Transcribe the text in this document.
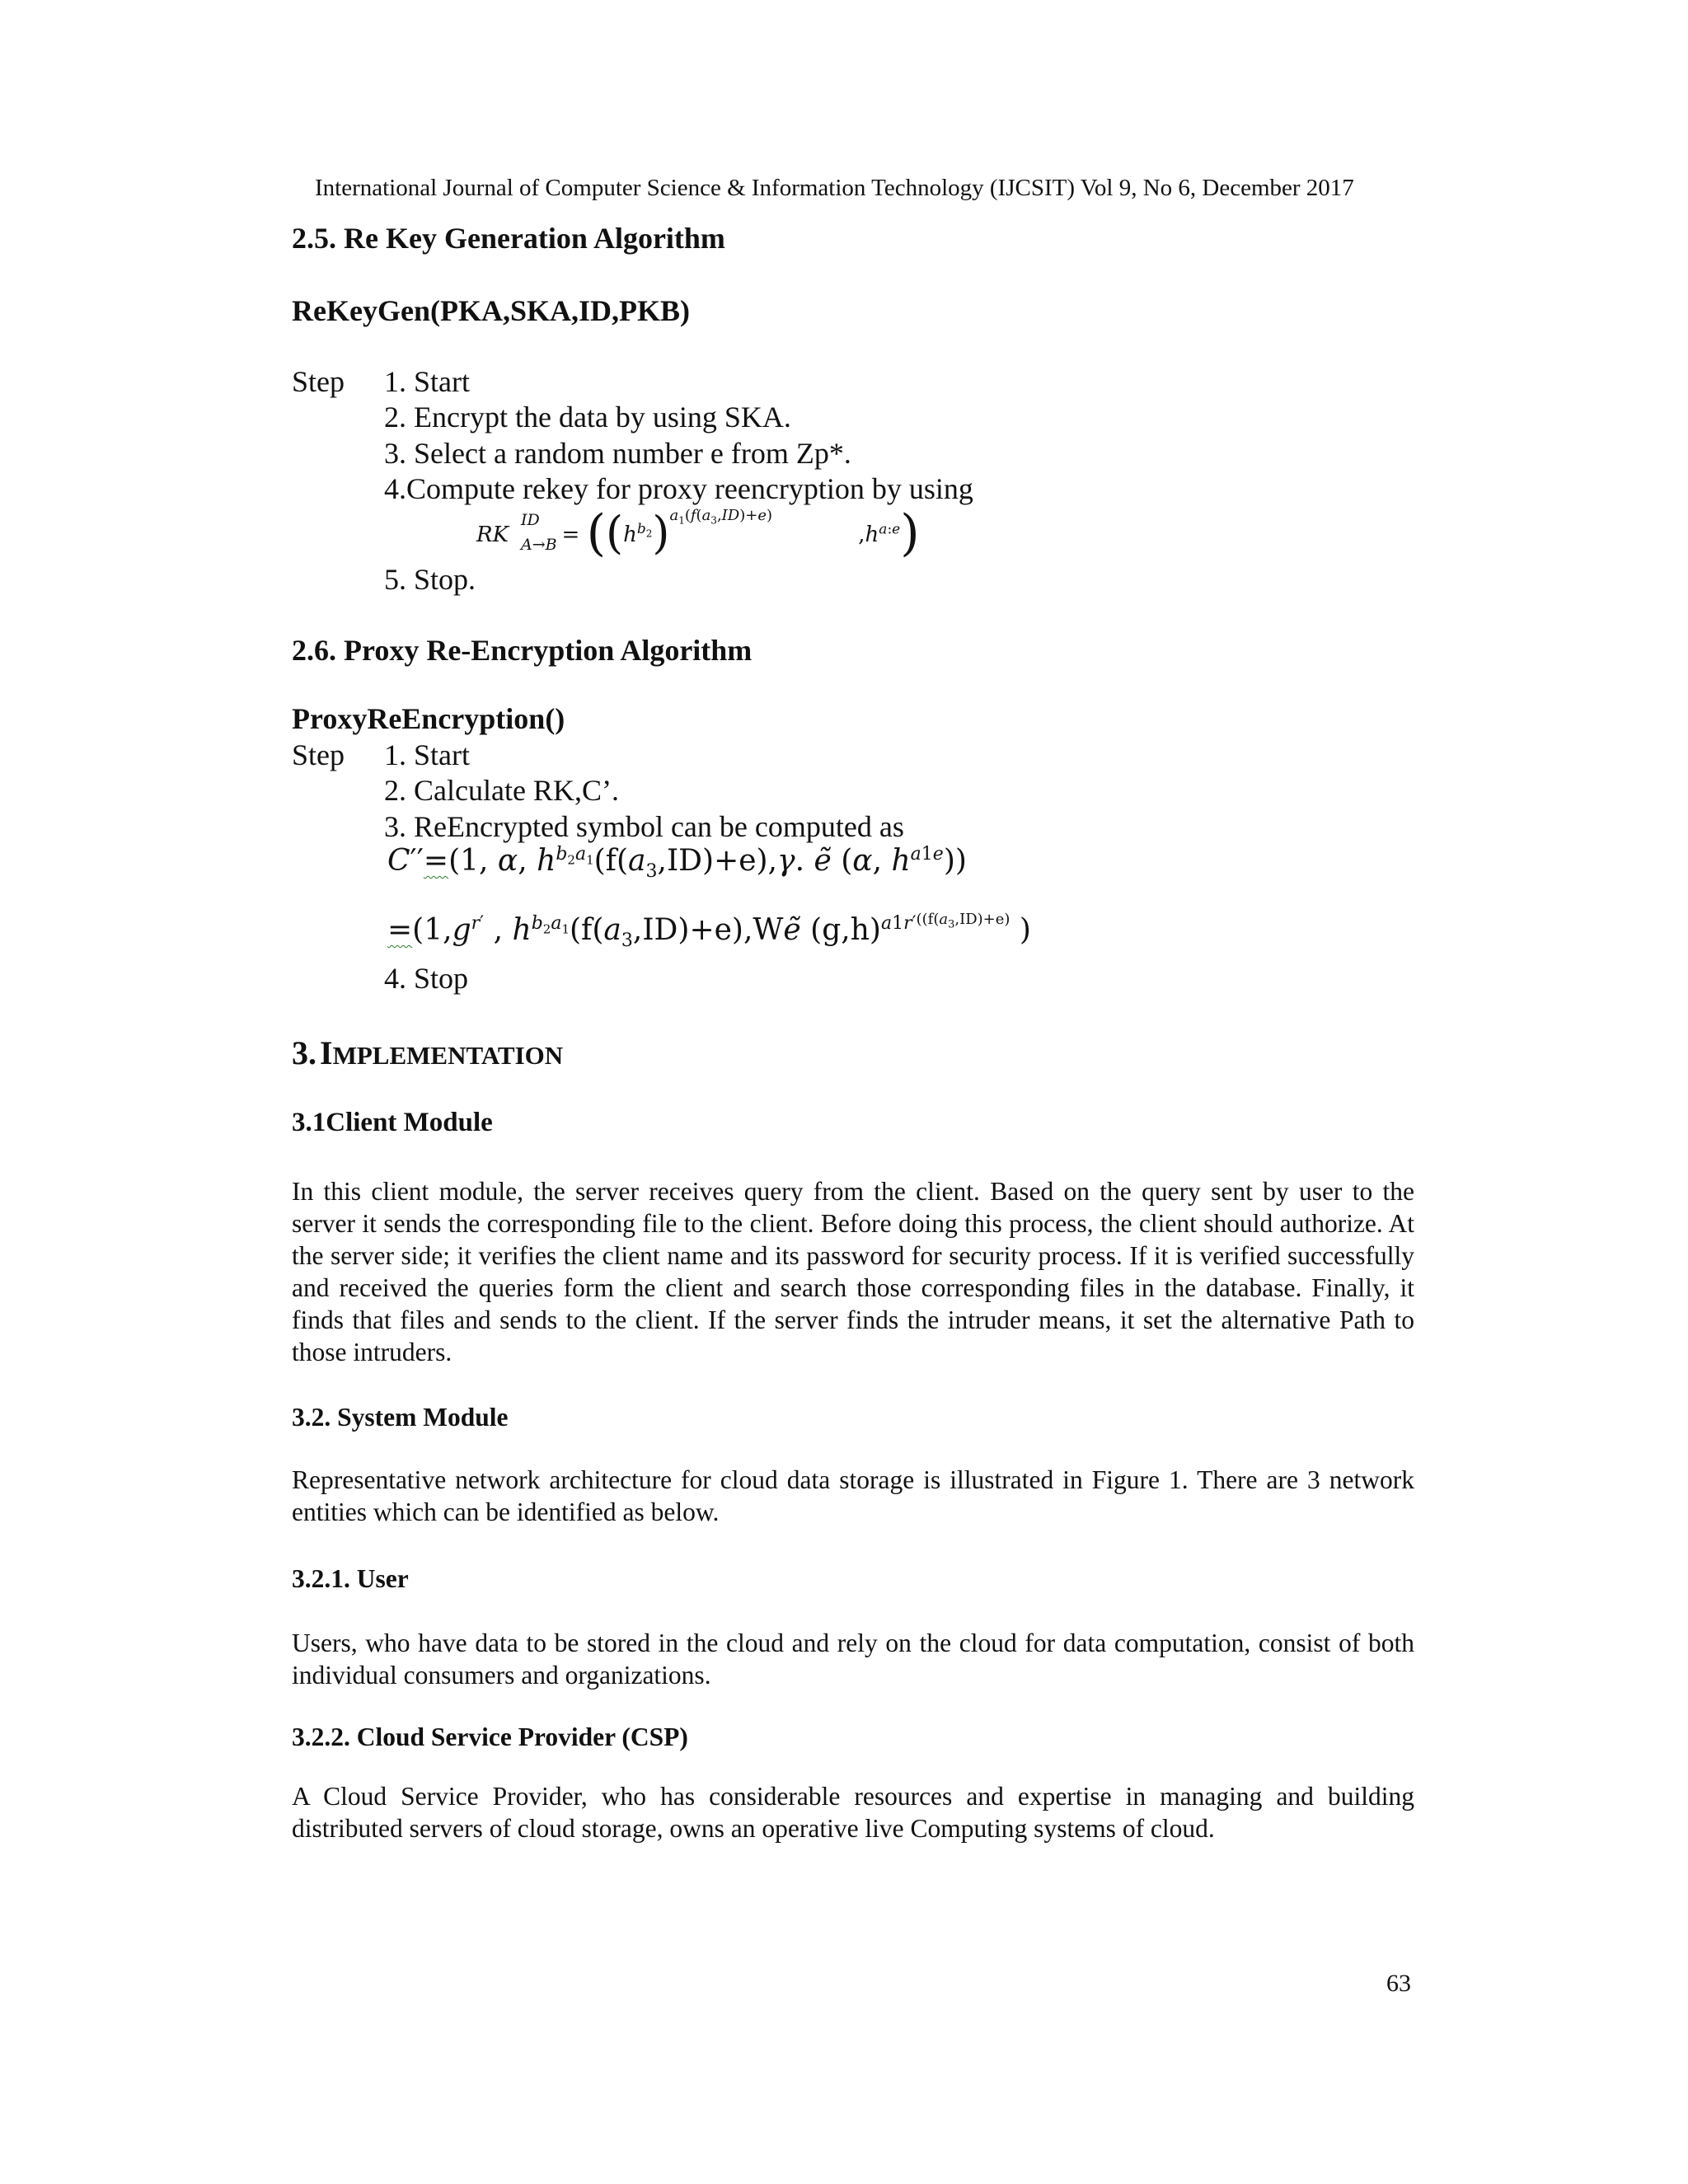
International Journal of Computer Science & Information Technology (IJCSIT) Vol 9, No 6, December 2017
2.5. Re Key Generation Algorithm
ReKeyGen(PKA,SKA,ID,PKB)
Step 1. Start
2. Encrypt the data by using SKA.
3. Select a random number e from Zp*.
4.Compute rekey for proxy reencryption by using
RK
ID
$A\to B = ((h^{b_2})^{a_1(f(a_3,ID)+e)}$ $,h^{a:e}$)
5. Stop.
2.6. Proxy Re-Encryption Algorithm
ProxyReEncryption()
Step 1. Start
2. Calculate RK,C’.
3. ReEncrypted symbol can be computed as
C′′=(1, α, $h^{b_2a_1}(f(a_3,ID)+e),\gamma$. ẽ (α, $h^{a1e}$))
$=(1,g^{r'}$ , $h^{b_2a_1}(f(a_3,ID)+e),Wẽ$ $(g,h)^{a1r'^{((f(a_3,ID)+e)}}$ )
4. Stop
3. IMPLEMENTATION
3.1Client Module
In this client module, the server receives query from the client. Based on the query sent by user to the server it sends the corresponding file to the client. Before doing this process, the client should authorize. At the server side; it verifies the client name and its password for security process. If it is verified successfully and received the queries form the client and search those corresponding files in the database. Finally, it finds that files and sends to the client. If the server finds the intruder means, it set the alternative Path to those intruders.
3.2. System Module
Representative network architecture for cloud data storage is illustrated in Figure 1. There are 3 network entities which can be identified as below.
3.2.1. User
Users, who have data to be stored in the cloud and rely on the cloud for data computation, consist of both individual consumers and organizations.
3.2.2. Cloud Service Provider (CSP)
A Cloud Service Provider, who has considerable resources and expertise in managing and building distributed servers of cloud storage, owns an operative live Computing systems of cloud.
63
